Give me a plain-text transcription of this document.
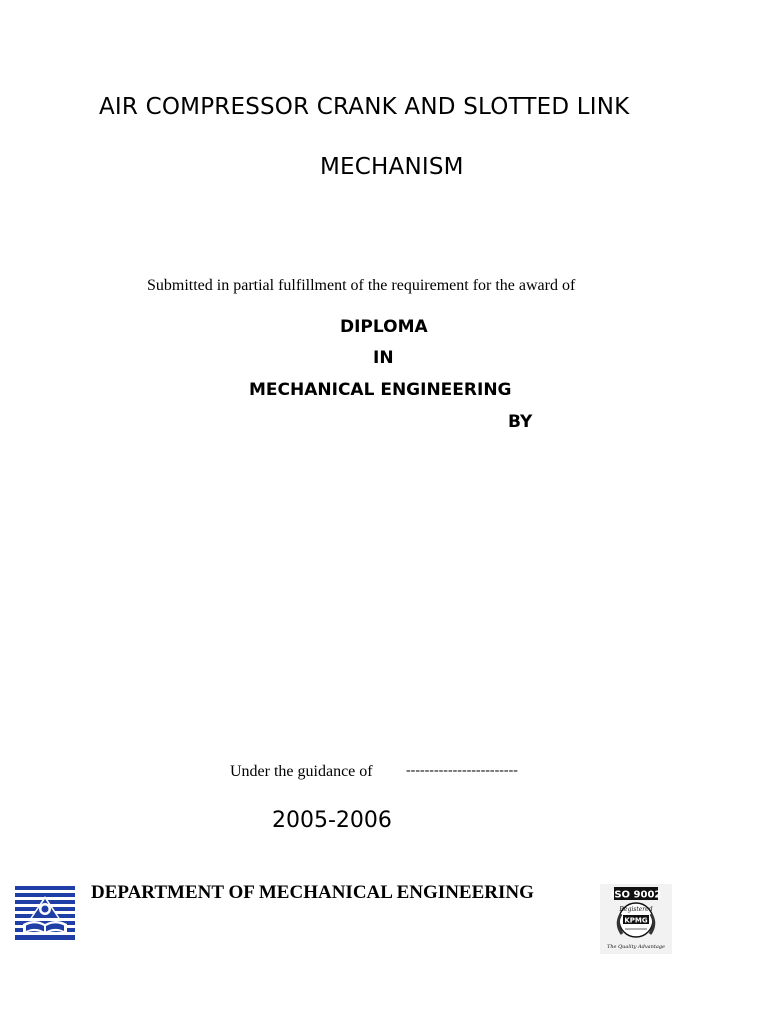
AIR COMPRESSOR CRANK AND SLOTTED LINK
MECHANISM
Submitted in partial fulfillment of the requirement for the award of
DIPLOMA
IN
MECHANICAL ENGINEERING
BY
Under the guidance of ------------------------
2005-2006
DEPARTMENT OF MECHANICAL ENGINEERING	ISO 9002
Registered
KPMG
The Quality Advantage
